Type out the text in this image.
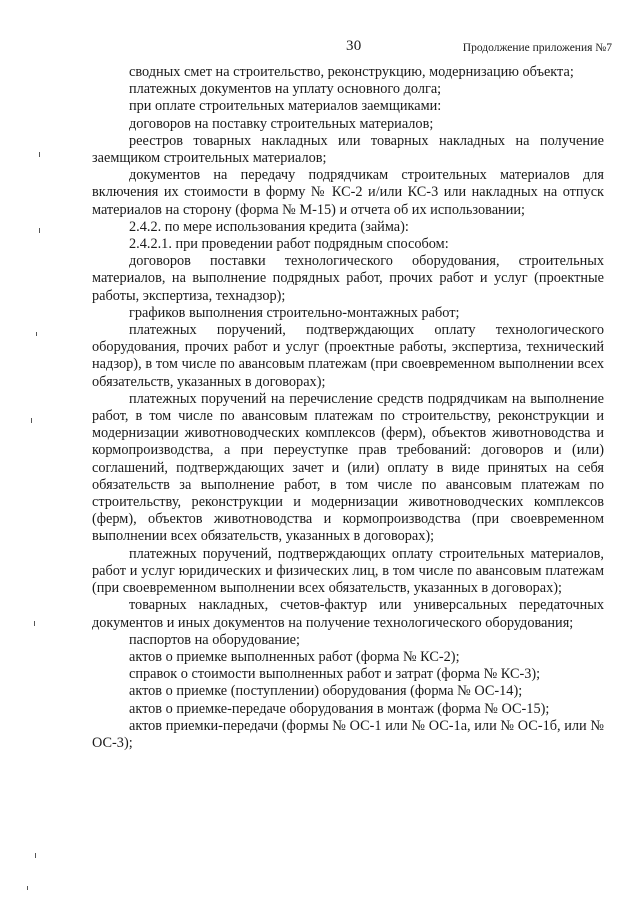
30	Продолжение приложения №7

сводных смет на строительство, реконструкцию, модернизацию объекта;

платежных документов на уплату основного долга;

при оплате строительных материалов заемщиками:

договоров на поставку строительных материалов;

реестров товарных накладных или товарных накладных на получение заемщиком строительных материалов;

документов на передачу подрядчикам строительных материалов для включения их стоимости в форму № КС-2 и/или КС-3 или накладных на отпуск материалов на сторону (форма № М-15) и отчета об их использовании;

2.4.2. по мере использования кредита (займа):

2.4.2.1. при проведении работ подрядным способом:

договоров поставки технологического оборудования, строительных материалов, на выполнение подрядных работ, прочих работ и услуг (проектные работы, экспертиза, технадзор);

графиков выполнения строительно-монтажных работ;

платежных поручений, подтверждающих оплату технологического оборудования, прочих работ и услуг (проектные работы, экспертиза, технический надзор), в том числе по авансовым платежам (при своевременном выполнении всех обязательств, указанных в договорах);

платежных поручений на перечисление средств подрядчикам на выполнение работ, в том числе по авансовым платежам по строительству, реконструкции и модернизации животноводческих комплексов (ферм), объектов животноводства и кормопроизводства, а при переуступке прав требований: договоров и (или) соглашений, подтверждающих зачет и (или) оплату в виде принятых на себя обязательств за выполнение работ, в том числе по авансовым платежам по строительству, реконструкции и модернизации животноводческих комплексов (ферм), объектов животноводства и кормопроизводства (при своевременном выполнении всех обязательств, указанных в договорах);

платежных поручений, подтверждающих оплату строительных материалов, работ и услуг юридических и физических лиц, в том числе по авансовым платежам (при своевременном выполнении всех обязательств, указанных в договорах);

товарных накладных, счетов-фактур или универсальных передаточных документов и иных документов на получение технологического оборудования;

паспортов на оборудование;

актов о приемке выполненных работ (форма № КС-2);

справок о стоимости выполненных работ и затрат (форма № КС-3);

актов о приемке (поступлении) оборудования (форма № ОС-14);

актов о приемке-передаче оборудования в монтаж (форма № ОС-15);

актов приемки-передачи (формы № ОС-1 или № ОС-1а, или № ОС-1б, или № ОС-3);
